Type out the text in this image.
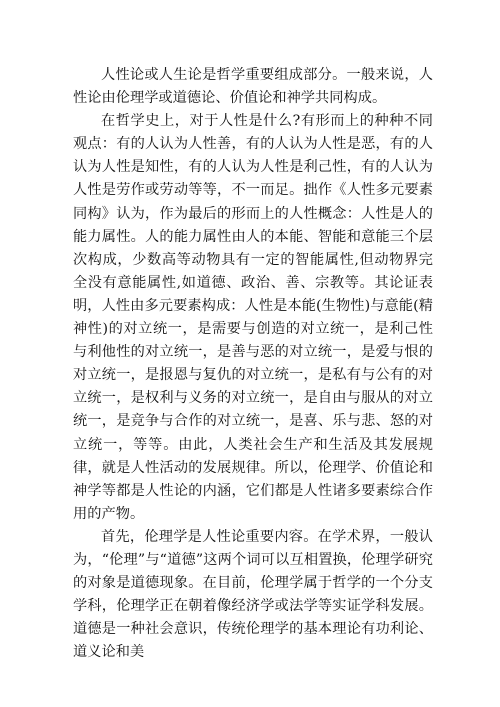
人性论或人生论是哲学重要组成部分。一般来说，人性论由伦理学或道德论、价值论和神学共同构成。

在哲学史上，对于人性是什么?有形而上的种种不同观点：有的人认为人性善，有的人认为人性是恶，有的人认为人性是知性，有的人认为人性是利己性，有的人认为人性是劳作或劳动等等，不一而足。拙作《人性多元要素同构》认为，作为最后的形而上的人性概念：人性是人的能力属性。人的能力属性由人的本能、智能和意能三个层次构成，少数高等动物具有一定的智能属性,但动物界完全没有意能属性,如道德、政治、善、宗教等。其论证表明，人性由多元要素构成：人性是本能(生物性)与意能(精神性)的对立统一，是需要与创造的对立统一，是利己性与利他性的对立统一，是善与恶的对立统一，是爱与恨的对立统一，是报恩与复仇的对立统一，是私有与公有的对立统一，是权利与义务的对立统一，是自由与服从的对立统一，是竞争与合作的对立统一，是喜、乐与悲、怒的对立统一，等等。由此，人类社会生产和生活及其发展规律，就是人性活动的发展规律。所以，伦理学、价值论和神学等都是人性论的内涵，它们都是人性诸多要素综合作用的产物。

首先，伦理学是人性论重要内容。在学术界，一般认为，“伦理”与“道德”这两个词可以互相置换，伦理学研究的对象是道德现象。在目前，伦理学属于哲学的一个分支学科，伦理学正在朝着像经济学或法学等实证学科发展。道德是一种社会意识，传统伦理学的基本理论有功利论、道义论和美
